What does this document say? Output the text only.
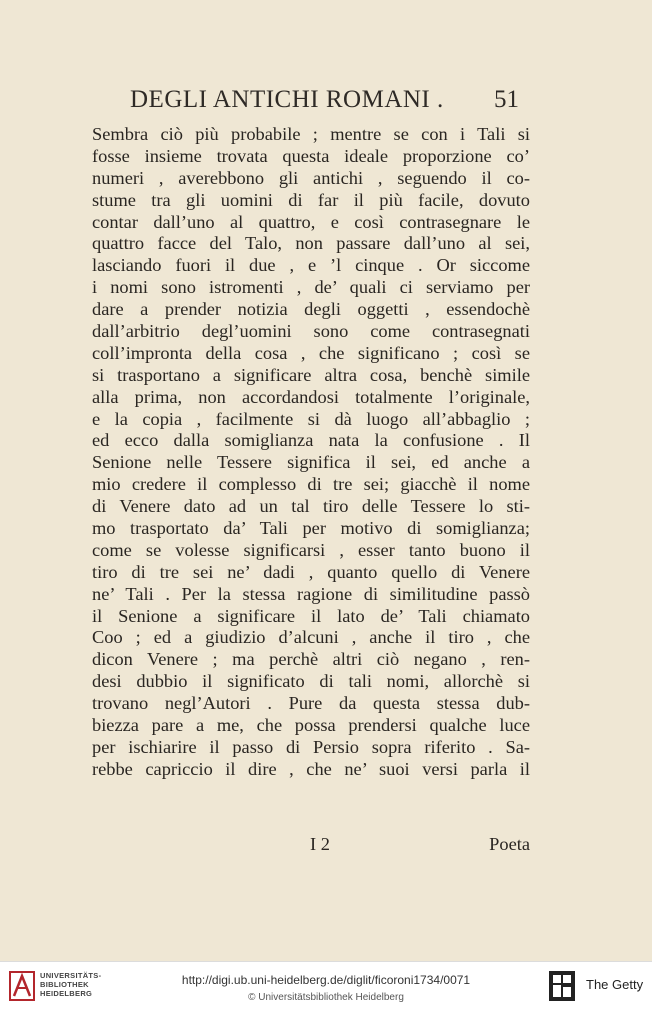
DEGLI ANTICHI ROMANI . 51
Sembra ciò più probabile ; mentre se con i Tali si
fosse insieme trovata questa ideale proporzione co’
numeri , averebbono gli antichi , seguendo il co-
stume tra gli uomini di far il più facile, dovuto
contar dall’uno al quattro, e così contrasegnare le
quattro facce del Talo, non passare dall’uno al sei,
lasciando fuori il due , e ’l cinque . Or siccome
i nomi sono istromenti , de’ quali ci serviamo per
dare a prender notizia degli oggetti , essendochè
dall’arbitrio degl’uomini sono come contrasegnati
coll’impronta della cosa , che significano ; così se
si trasportano a significare altra cosa, benchè simile
alla prima, non accordandosi totalmente l’originale,
e la copia , facilmente si dà luogo all’abbaglio ;
ed ecco dalla somiglianza nata la confusione . Il
Senione nelle Tessere significa il sei, ed anche a
mio credere il complesso di tre sei; giacchè il nome
di Venere dato ad un tal tiro delle Tessere lo sti-
mo trasportato da’ Tali per motivo di somiglianza;
come se volesse significarsi , esser tanto buono il
tiro di tre sei ne’ dadi , quanto quello di Venere
ne’ Tali . Per la stessa ragione di similitudine passò
il Senione a significare il lato de’ Tali chiamato
Coo ; ed a giudizio d’alcuni , anche il tiro , che
dicon Venere ; ma perchè altri ciò negano , ren-
desi dubbio il significato di tali nomi, allorchè si
trovano negl’Autori . Pure da questa stessa dub-
biezza pare a me, che possa prendersi qualche luce
per ischiarire il passo di Persio sopra riferito . Sa-
rebbe capriccio il dire , che ne’ suoi versi parla il
I 2	Poeta
UNIVERSITÄTS-
BIBLIOTHEK
HEIDELBERG
http://digi.ub.uni-heidelberg.de/diglit/ficoroni1734/0071
© Universitätsbibliothek Heidelberg
The Getty
